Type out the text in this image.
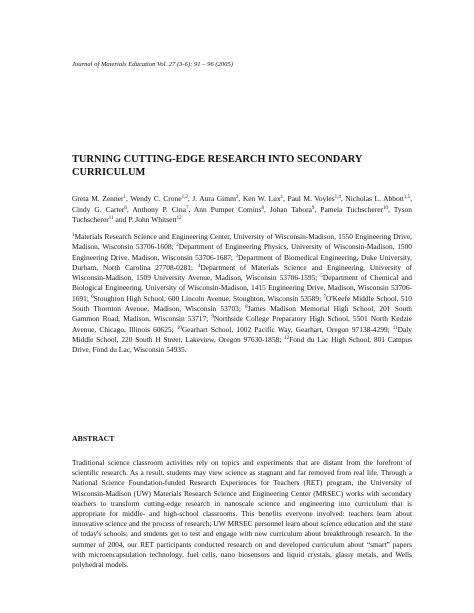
Journal of Materials Education Vol. 27 (3-6): 91 – 96 (2005)
TURNING CUTTING-EDGE RESEARCH INTO SECONDARY CURRICULUM
Greta M. Zenner$^1$, Wendy C. Crone$^{1,2}$, J. Aura Gimm$^3$, Ken W. Lux$^1$, Paul M. Voyles$^{1,4}$, Nicholas L. Abbott$^{1,5}$, Cindy G. Carter$^6$, Anthony P. Cina$^7$, Ann Pumper Comins$^8$, Johan Tabora$^9$, Pamela Tuchscherer$^{10}$, Tyson Tuchscherer$^{11}$ and P. John Whitsett$^{12}$
$^1$Materials Research Science and Engineering Center, University of Wisconsin-Madison, 1550 Engineering Drive, Madison, Wisconsin 53706-1608; $^2$Department of Engineering Physics, University of Wisconsin-Madison, 1500 Engineering Drive, Madison, Wisconsin 53706-1687; $^3$Department of Biomedical Engineering, Duke University, Durham, North Carolina 27708-0281; $^4$Department of Materials Science and Engineering, University of Wisconsin-Madison, 1509 University Avenue, Madison, Wisconsin 53706-1595; $^5$Department of Chemical and Biological Engineering, University of Wisconsin-Madison, 1415 Engineering Drive, Madison, Wisconsin 53706-1691; $^6$Stoughton High School, 600 Lincoln Avenue, Stoughton, Wisconsin 53589; $^7$O'Keefe Middle School, 510 South Thornton Avenue, Madison, Wisconsin 53703; $^8$James Madison Memorial High School, 201 South Gammon Road, Madison, Wisconsin 53717; $^9$Northside College Preparatory High School, 5501 North Kedzie Avenue, Chicago, Illinois 60625; $^{10}$Gearhart School, 1002 Pacific Way, Gearhart, Oregon 97138-4299; $^{11}$Daly Middle School, 220 South H Street, Lakeview, Oregon 97630-1858; $^{12}$Fond du Lac High School, 801 Campus Drive, Fond du Lac, Wisconsin 54935.
ABSTRACT
Traditional science classroom activities rely on topics and experiments that are distant from the forefront of scientific research. As a result, students may view science as stagnant and far removed from real life. Through a National Science Foundation-funded Research Experiences for Teachers (RET) program, the University of Wisconsin-Madison (UW) Materials Research Science and Engineering Center (MRSEC) works with secondary teachers to transform cutting-edge research in nanoscale science and engineering into curriculum that is appropriate for middle- and high-school classrooms. This benefits everyone involved: teachers learn about innovative science and the process of research; UW MRSEC personnel learn about science education and the state of today's schools; and students get to test and engage with new curriculum about breakthrough research. In the summer of 2004, our RET participants conducted research on and developed curriculum about “smart” papers with microencapsulation technology, fuel cells, nano biosensors and liquid crystals, glassy metals, and Wells polyhedral models.
